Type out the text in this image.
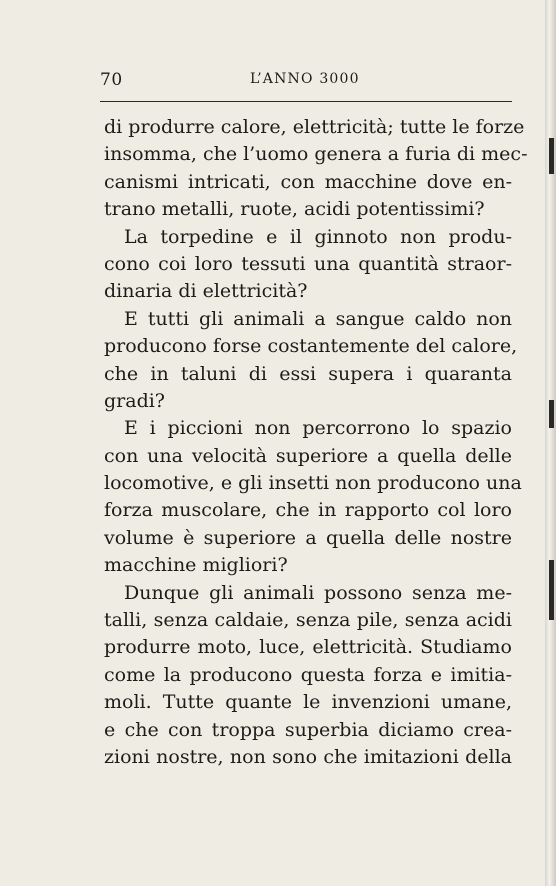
70	L’ANNO 3000
di produrre calore, elettricità; tutte le forze
insomma, che l’uomo genera a furia di mec-
canismi intricati, con macchine dove en-
trano metalli, ruote, acidi potentissimi?
La torpedine e il ginnoto non produ-
cono coi loro tessuti una quantità straor-
dinaria di elettricità?
E tutti gli animali a sangue caldo non
producono forse costantemente del calore,
che in taluni di essi supera i quaranta
gradi?
E i piccioni non percorrono lo spazio
con una velocità superiore a quella delle
locomotive, e gli insetti non producono una
forza muscolare, che in rapporto col loro
volume è superiore a quella delle nostre
macchine migliori?
Dunque gli animali possono senza me-
talli, senza caldaie, senza pile, senza acidi
produrre moto, luce, elettricità. Studiamo
come la producono questa forza e imitia-
moli. Tutte quante le invenzioni umane,
e che con troppa superbia diciamo crea-
zioni nostre, non sono che imitazioni della
